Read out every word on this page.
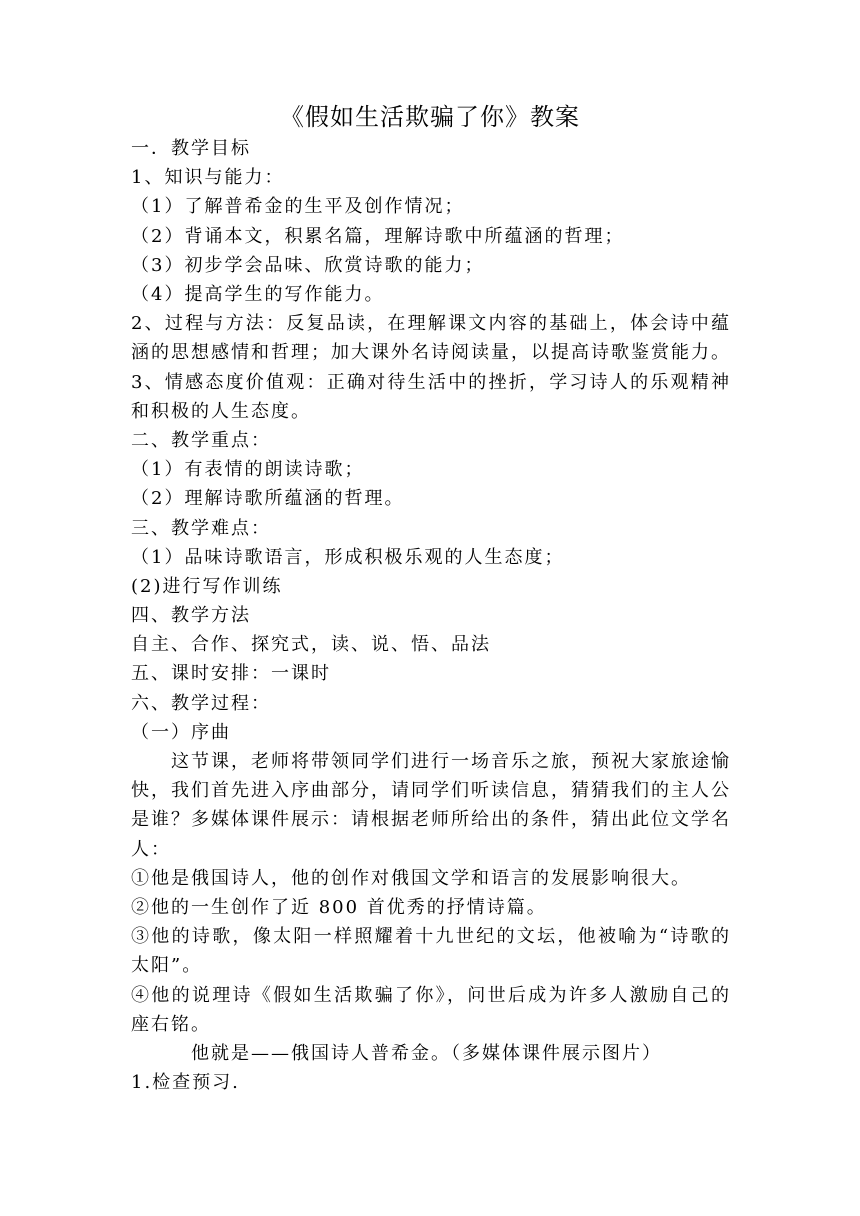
《假如生活欺骗了你》教案
一．教学目标
1、知识与能力：
（1）了解普希金的生平及创作情况；
（2）背诵本文，积累名篇，理解诗歌中所蕴涵的哲理；
（3）初步学会品味、欣赏诗歌的能力；
（4）提高学生的写作能力。

2、过程与方法：反复品读，在理解课文内容的基础上，体会诗中蕴涵的思想感情和哲理；加大课外名诗阅读量，以提高诗歌鉴赏能力。

3、情感态度价值观：正确对待生活中的挫折，学习诗人的乐观精神和积极的人生态度。

二、教学重点：
（1）有表情的朗读诗歌；
（2）理解诗歌所蕴涵的哲理。
三、教学难点：
（1）品味诗歌语言，形成积极乐观的人生态度；
(2)进行写作训练
四、教学方法
自主、合作、探究式，读、说、悟、品法
五、课时安排：一课时
六、教学过程：
（一）序曲

这节课，老师将带领同学们进行一场音乐之旅，预祝大家旅途愉快，我们首先进入序曲部分，请同学们听读信息，猜猜我们的主人公是谁？多媒体课件展示：请根据老师所给出的条件，猜出此位文学名人：

①他是俄国诗人，他的创作对俄国文学和语言的发展影响很大。
②他的一生创作了近 800 首优秀的抒情诗篇。

③他的诗歌，像太阳一样照耀着十九世纪的文坛，他被喻为“诗歌的太阳”。

④他的说理诗《假如生活欺骗了你》，问世后成为许多人激励自己的座右铭。

他就是——俄国诗人普希金。（多媒体课件展示图片）
1.检查预习.
